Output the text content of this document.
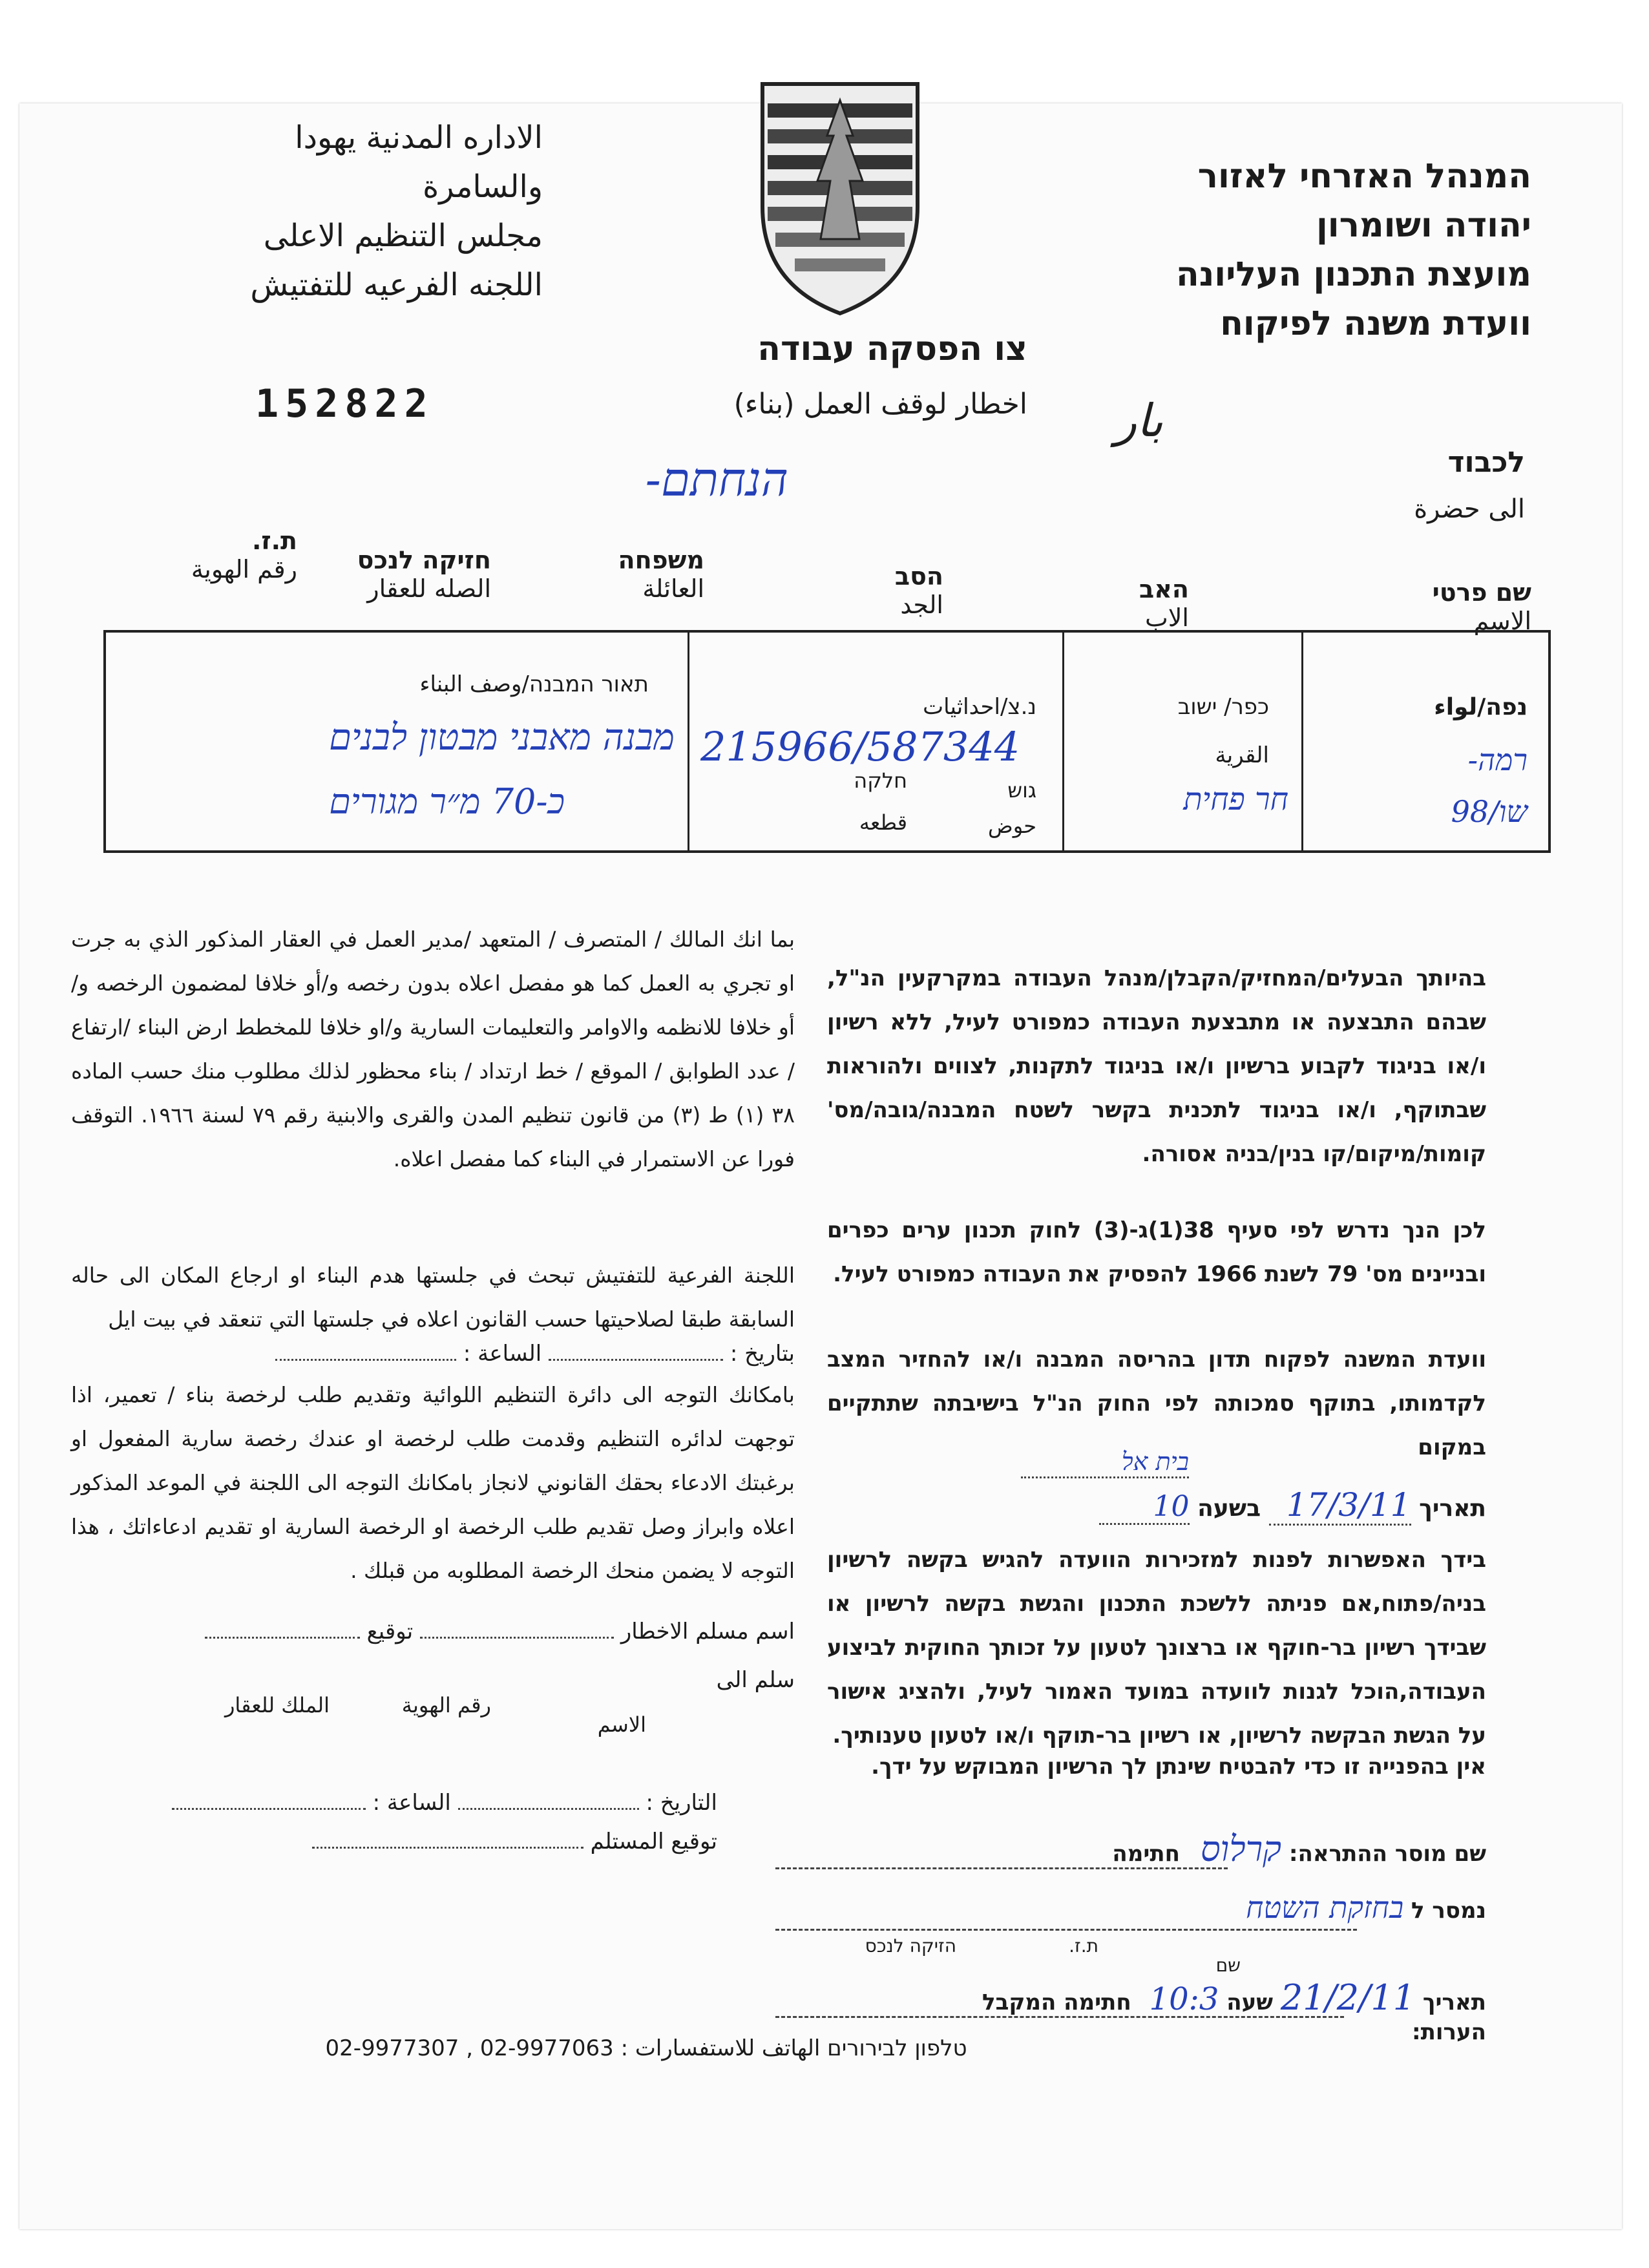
המנהל האזרחי לאזור
יהודה ושומרון
מועצת התכנון העליונה
וועדת משנה לפיקוח
الاداره المدنية يهودا
والسامرة
مجلس التنظيم الاعلى
اللجنه الفرعيه للتفتيش
צו הפסקה עבודה
اخطار لوقف العمل (بناء)
152822	بار
לכבוד
الى حضرة
הנחתם-
שם פרטי
الاسم
האב
الاب
הסב
الجد
משפחה
العائلة
חזיקה לנכס
الصله للعقار
ת.ז.
رقم الهوية
נפה/لواء
רמה-
שו/98
כפר/ ישוב
القرية
חר פחית
נ.צ/احداثيات
215966/587344
גוש
חלקה
حوض
قطعه
תאור המבנה/وصف البناء
מבנה מאבני מבטון לבנים
כ-70 מ״ר מגורים
בהיותך הבעלים/המחזיק/הקבלן/מנהל העבודה במקרקעין הנ"ל, שבהם התבצעה או מתבצעת העבודה כמפורט לעיל, ללא רשיון ו/או בניגוד לקבוע ברשיון ו/או בניגוד לתקנות, לצווים ולהוראות שבתוקף, ו/או בניגוד לתכנית בקשר לשטח המבנה/גובה/מס' קומות/מיקום/קו בנין/בניה אסורה.
לכן הנך נדרש לפי סעיף 38(1)ג-(3) לחוק תכנון ערים כפרים ובניינים מס' 79 לשנת 1966 להפסיק את העבודה כמפורט לעיל.
וועדת המשנה לפקוח תדון בהריסה המבנה ו/או להחזיר המצב לקדמותו, בתוקף סמכותה לפי החוק הנ"ל בישיבתה שתתקיים במקום
בית אל
תאריך 17/3/11 בשעה 10
בידך האפשרות לפנות למזכירות הוועדה להגיש בקשה לרשיון בניה/פתוח,אם פניתה ללשכת התכנון והגשת בקשה לרשיון או שבידך רשיון בר-חוקף או ברצונך לטעון על זכותך החוקית לביצוע העבודה,הוכל לגנות לוועדה במועד האמור לעיל, ולהציג אישור על הגשת הבקשה לרשיון, או רשיון בר-תוקף ו/או לטעון טענותיך.
אין בהפנייה זו כדי להבטיח שינתן לך הרשיון המבוקש על ידך.
שם מוסר ההתראה: קרלוס חתימה
נמסר ל בחזקת השטח
הזיקה לנכס	ת.ז.
שם
תאריך 21/2/11 שעה 10:3 חתימה המקבל
הערות:
بما انك المالك / المتصرف / المتعهد /مدير العمل في العقار المذكور الذي به جرت او تجري به العمل كما هو مفصل اعلاه بدون رخصه و/أو خلافا لمضمون الرخصه و/أو خلافا للانظمه والاوامر والتعليمات السارية و/او خلافا للمخطط ارض البناء /ارتفاع / عدد الطوابق / الموقع / خط ارتداد / بناء محظور لذلك مطلوب منك حسب الماده ٣٨ (١) ط (٣) من قانون تنظيم المدن والقرى والابنية رقم ٧٩ لسنة ١٩٦٦. التوقف فورا عن الاستمرار في البناء كما مفصل اعلاه.
اللجنة الفرعية للتفتيش تبحث في جلستها هدم البناء او ارجاع المكان الى حاله السابقة طبقا لصلاحيتها حسب القانون اعلاه في جلستها التي تنعقد في بيت ايل
بتاريخ :  الساعة :
بامكانك التوجه الى دائرة التنظيم اللوائية وتقديم طلب لرخصة بناء / تعمير، اذا توجهت لدائره التنظيم وقدمت طلب لرخصة او عندك رخصة سارية المفعول او برغبتك الادعاء بحقك القانوني لانجاز بامكانك التوجه الى اللجنة في الموعد المذكور اعلاه وابراز وصل تقديم طلب الرخصة او الرخصة السارية او تقديم ادعاءاتك ، هذا التوجه لا يضمن منحك الرخصة المطلوبه من قبلك .
اسم مسلم الاخطار  توقيع
سلم الى
الاسم
رقم الهوية
الملك للعقار
التاريخ :  الساعة :
توقيع المستلم
טלפון לבירורים الهاتف للاستفسارات : 02-9977307 , 02-9977063
